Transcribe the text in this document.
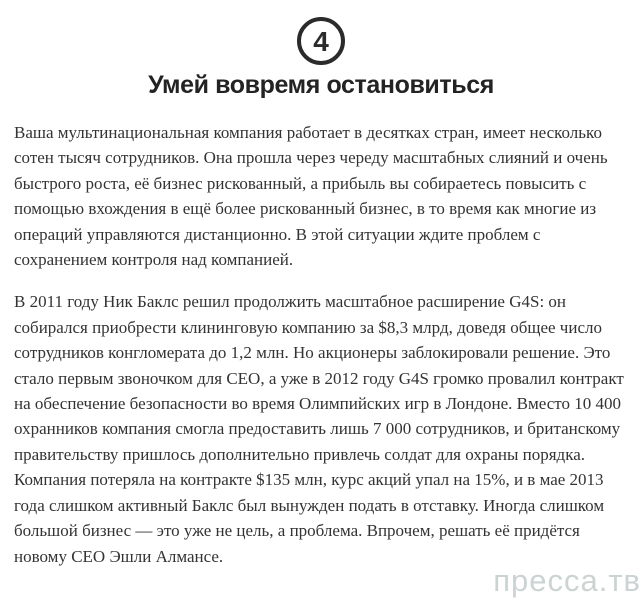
4
Умей вовремя остановиться

Ваша мультинациональная компания работает в десятках стран, имеет несколько сотен тысяч сотрудников. Она прошла через череду масштабных слияний и очень быстрого роста, её бизнес рискованный, а прибыль вы собираетесь повысить с помощью вхождения в ещё более рискованный бизнес, в то время как многие из операций управляются дистанционно. В этой ситуации ждите проблем с сохранением контроля над компанией.

В 2011 году Ник Баклс решил продолжить масштабное расширение G4S: он собирался приобрести клининговую компанию за $8,3 млрд, доведя общее число сотрудников конгломерата до 1,2 млн. Но акционеры заблокировали решение. Это стало первым звоночком для CEO, а уже в 2012 году G4S громко провалил контракт на обеспечение безопасности во время Олимпийских игр в Лондоне. Вместо 10 400 охранников компания смогла предоставить лишь 7 000 сотрудников, и британскому правительству пришлось дополнительно привлечь солдат для охраны порядка. Компания потеряла на контракте $135 млн, курс акций упал на 15%, и в мае 2013 года слишком активный Баклс был вынужден подать в отставку. Иногда слишком большой бизнес — это уже не цель, а проблема. Впрочем, решать её придётся новому CEO Эшли Алмансе.

пресса.тв
